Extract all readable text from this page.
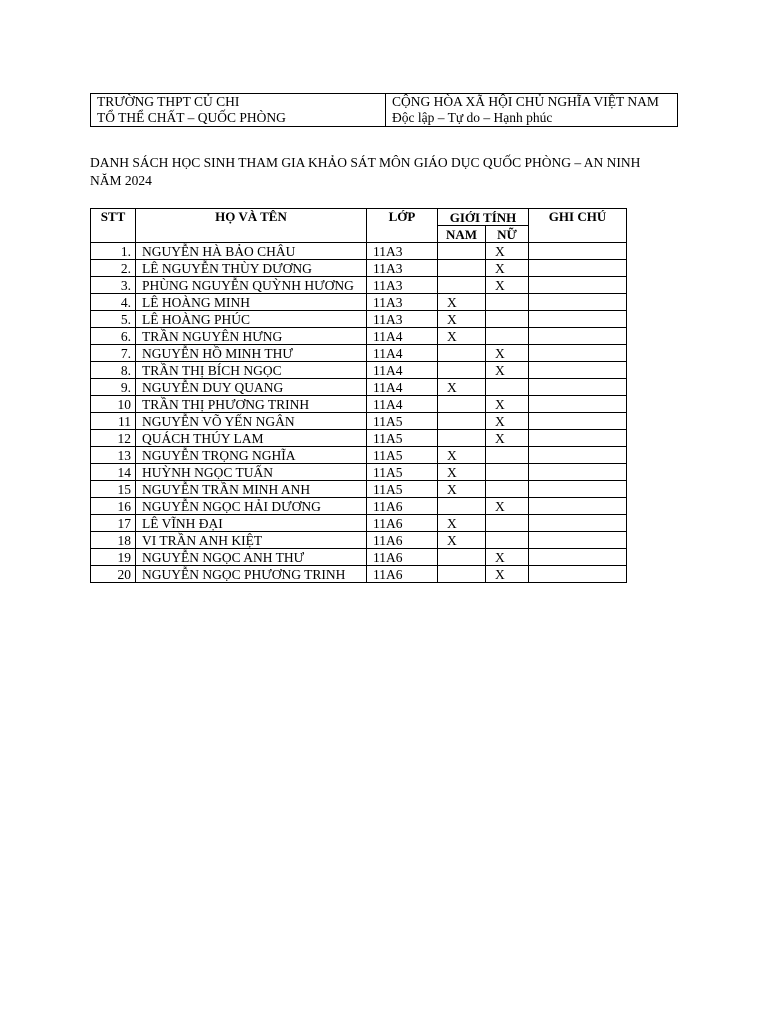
TRƯỜNG THPT CỦ CHI
TỔ THỂ CHẤT – QUỐC PHÒNG

CỘNG HÒA XÃ HỘI CHỦ NGHĨA VIỆT NAM
Độc lập – Tự do – Hạnh phúc
DANH SÁCH HỌC SINH THAM GIA KHẢO SÁT MÔN GIÁO DỤC QUỐC PHÒNG – AN NINH
NĂM 2024
STT	HỌ VÀ TÊN	LỚP	GIỚI TÍNH		GHI CHÚ
			NAM	NỮ	
1.	NGUYỄN HÀ BẢO CHÂU	11A3		X	
2.	LÊ NGUYỄN THÙY DƯƠNG	11A3		X	
3.	PHÙNG NGUYỄN QUỲNH HƯƠNG	11A3		X	
4.	LÊ HOÀNG MINH	11A3	X		
5.	LÊ HOÀNG PHÚC	11A3	X		
6.	TRẦN NGUYÊN HƯNG	11A4	X		
7.	NGUYỄN HỒ MINH THƯ	11A4		X	
8.	TRẦN THỊ BÍCH NGỌC	11A4		X	
9.	NGUYỄN DUY QUANG	11A4	X		
10	TRẦN THỊ PHƯƠNG TRINH	11A4		X	
11	NGUYỄN VÕ YẾN NGÂN	11A5		X	
12	QUÁCH THÚY LAM	11A5		X	
13	NGUYỄN TRỌNG NGHĨA	11A5	X		
14	HUỲNH NGỌC TUẤN	11A5	X		
15	NGUYỄN TRẦN MINH ANH	11A5	X		
16	NGUYỄN NGỌC HẢI DƯƠNG	11A6		X	
17	LÊ VĨNH ĐẠI	11A6	X		
18	VI TRẦN ANH KIỆT	11A6	X		
19	NGUYỄN NGỌC ANH THƯ	11A6		X	
20	NGUYỄN NGỌC PHƯƠNG TRINH	11A6		X	
